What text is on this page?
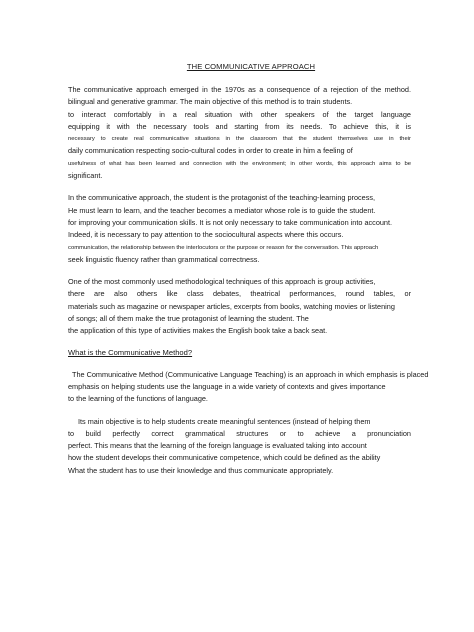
THE COMMUNICATIVE APPROACH
The communicative approach emerged in the 1970s as a consequence of a rejection of the method.
bilingual and generative grammar. The main objective of this method is to train students.
to interact comfortably in a real situation with other speakers of the target language
equipping it with the necessary tools and starting from its needs. To achieve this, it is
necessary to create real communicative situations in the classroom that the student themselves use in their
daily communication respecting socio-cultural codes in order to create in him a feeling of
usefulness of what has been learned and connection with the environment; in other words, this approach aims to be
significant.
In the communicative approach, the student is the protagonist of the teaching-learning process,
He must learn to learn, and the teacher becomes a mediator whose role is to guide the student.
for improving your communication skills. It is not only necessary to take communication into account.
Indeed, it is necessary to pay attention to the sociocultural aspects where this occurs.
communication, the relationship between the interlocutors or the purpose or reason for the conversation. This approach
seek linguistic fluency rather than grammatical correctness.
One of the most commonly used methodological techniques of this approach is group activities,
there are also others like class debates, theatrical performances, round tables, or
materials such as magazine or newspaper articles, excerpts from books, watching movies or listening
of songs; all of them make the true protagonist of learning the student. The
the application of this type of activities makes the English book take a back seat.
What is the Communicative Method?
The Communicative Method (Communicative Language Teaching) is an approach in which emphasis is placed
emphasis on helping students use the language in a wide variety of contexts and gives importance
to the learning of the functions of language.
Its main objective is to help students create meaningful sentences (instead of helping them
to build perfectly correct grammatical structures or to achieve a pronunciation
perfect. This means that the learning of the foreign language is evaluated taking into account
how the student develops their communicative competence, which could be defined as the ability
What the student has to use their knowledge and thus communicate appropriately.
